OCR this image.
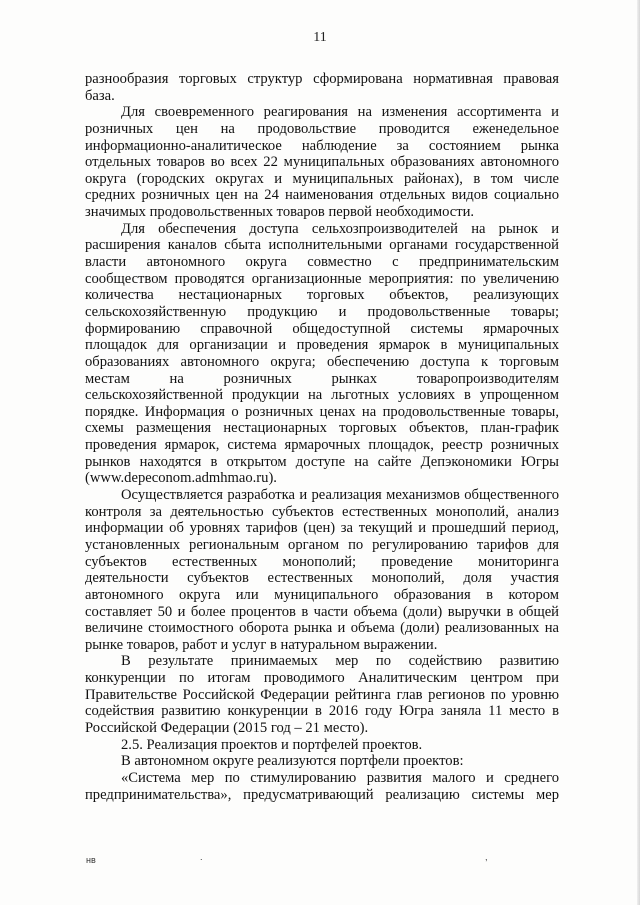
11
разнообразия торговых структур сформирована нормативная правовая
база.
Для своевременного реагирования на изменения ассортимента и
розничных цен на продовольствие проводится еженедельное
информационно-аналитическое наблюдение за состоянием рынка
отдельных товаров во всех 22 муниципальных образованиях автономного
округа (городских округах и муниципальных районах), в том числе
средних розничных цен на 24 наименования отдельных видов социально
значимых продовольственных товаров первой необходимости.
Для обеспечения доступа сельхозпроизводителей на рынок и
расширения каналов сбыта исполнительными органами государственной
власти автономного округа совместно с предпринимательским
сообществом проводятся организационные мероприятия: по увеличению
количества нестационарных торговых объектов, реализующих
сельскохозяйственную продукцию и продовольственные товары;
формированию справочной общедоступной системы ярмарочных
площадок для организации и проведения ярмарок в муниципальных
образованиях автономного округа; обеспечению доступа к торговым
местам на розничных рынках товаропроизводителям
сельскохозяйственной продукции на льготных условиях в упрощенном
порядке. Информация о розничных ценах на продовольственные товары,
схемы размещения нестационарных торговых объектов, план-график
проведения ярмарок, система ярмарочных площадок, реестр розничных
рынков находятся в открытом доступе на сайте Депэкономики Югры
(www.depeconom.admhmao.ru).
Осуществляется разработка и реализация механизмов общественного
контроля за деятельностью субъектов естественных монополий, анализ
информации об уровнях тарифов (цен) за текущий и прошедший период,
установленных региональным органом по регулированию тарифов для
субъектов естественных монополий; проведение мониторинга
деятельности субъектов естественных монополий, доля участия
автономного округа или муниципального образования в котором
составляет 50 и более процентов в части объема (доли) выручки в общей
величине стоимостного оборота рынка и объема (доли) реализованных на
рынке товаров, работ и услуг в натуральном выражении.
В результате принимаемых мер по содействию развитию
конкуренции по итогам проводимого Аналитическим центром при
Правительстве Российской Федерации рейтинга глав регионов по уровню
содействия развитию конкуренции в 2016 году Югра заняла 11 место в
Российской Федерации (2015 год – 21 место).
2.5. Реализация проектов и портфелей проектов.
В автономном округе реализуются портфели проектов:
«Система мер по стимулированию развития малого и среднего
предпринимательства», предусматривающий реализацию системы мер
нв	.	,
